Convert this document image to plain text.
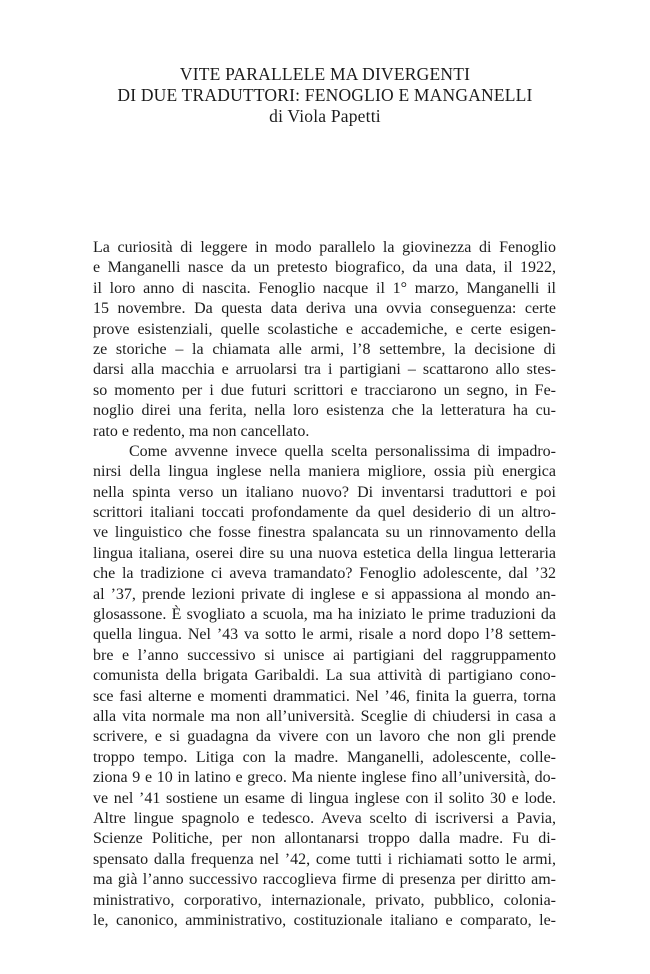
VITE PARALLELE MA DIVERGENTI
DI DUE TRADUTTORI: FENOGLIO E MANGANELLI
di Viola Papetti
La curiosità di leggere in modo parallelo la giovinezza di Fenoglio
e Manganelli nasce da un pretesto biografico, da una data, il 1922,
il loro anno di nascita. Fenoglio nacque il 1° marzo, Manganelli il
15 novembre. Da questa data deriva una ovvia conseguenza: certe
prove esistenziali, quelle scolastiche e accademiche, e certe esigen-
ze storiche – la chiamata alle armi, l’8 settembre, la decisione di
darsi alla macchia e arruolarsi tra i partigiani – scattarono allo stes-
so momento per i due futuri scrittori e tracciarono un segno, in Fe-
noglio direi una ferita, nella loro esistenza che la letteratura ha cu-
rato e redento, ma non cancellato.
Come avvenne invece quella scelta personalissima di impadro-
nirsi della lingua inglese nella maniera migliore, ossia più energica
nella spinta verso un italiano nuovo? Di inventarsi traduttori e poi
scrittori italiani toccati profondamente da quel desiderio di un altro-
ve linguistico che fosse finestra spalancata su un rinnovamento della
lingua italiana, oserei dire su una nuova estetica della lingua letteraria
che la tradizione ci aveva tramandato? Fenoglio adolescente, dal ’32
al ’37, prende lezioni private di inglese e si appassiona al mondo an-
glosassone. È svogliato a scuola, ma ha iniziato le prime traduzioni da
quella lingua. Nel ’43 va sotto le armi, risale a nord dopo l’8 settem-
bre e l’anno successivo si unisce ai partigiani del raggruppamento
comunista della brigata Garibaldi. La sua attività di partigiano cono-
sce fasi alterne e momenti drammatici. Nel ’46, finita la guerra, torna
alla vita normale ma non all’università. Sceglie di chiudersi in casa a
scrivere, e si guadagna da vivere con un lavoro che non gli prende
troppo tempo. Litiga con la madre. Manganelli, adolescente, colle-
ziona 9 e 10 in latino e greco. Ma niente inglese fino all’università, do-
ve nel ’41 sostiene un esame di lingua inglese con il solito 30 e lode.
Altre lingue spagnolo e tedesco. Aveva scelto di iscriversi a Pavia,
Scienze Politiche, per non allontanarsi troppo dalla madre. Fu di-
spensato dalla frequenza nel ’42, come tutti i richiamati sotto le armi,
ma già l’anno successivo raccoglieva firme di presenza per diritto am-
ministrativo, corporativo, internazionale, privato, pubblico, colonia-
le, canonico, amministrativo, costituzionale italiano e comparato, le-
